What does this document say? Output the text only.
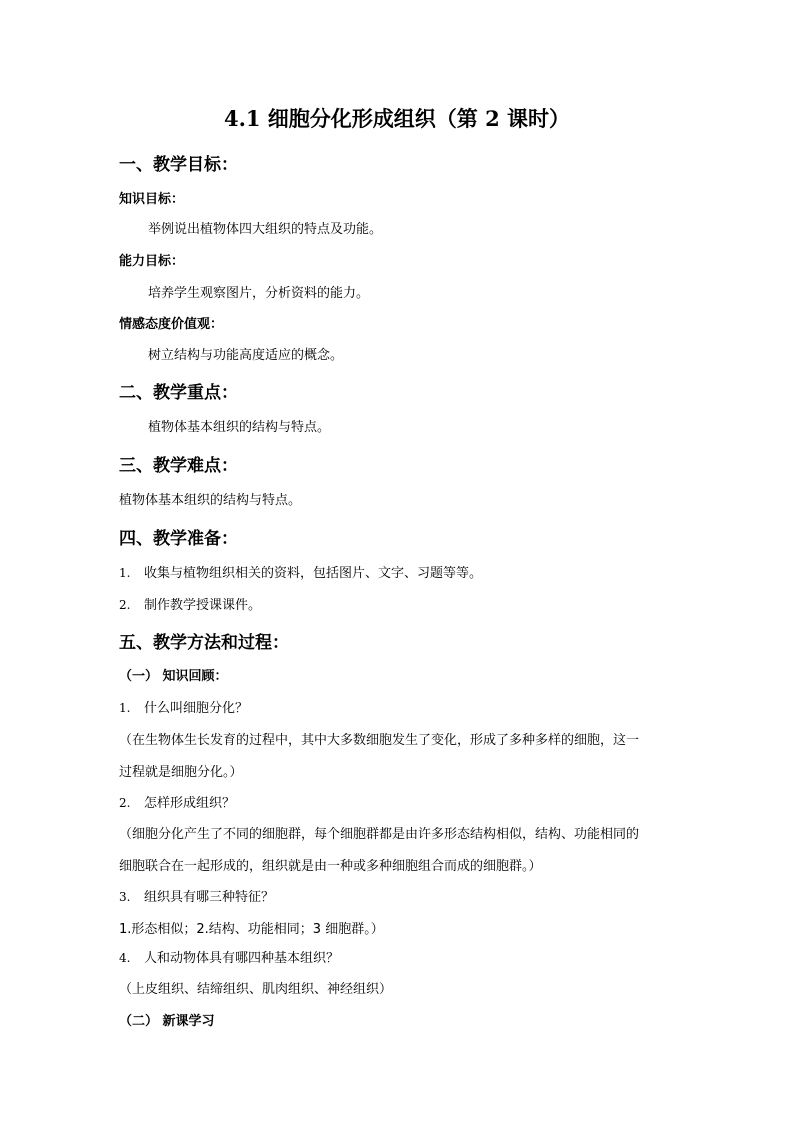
4.1 细胞分化形成组织（第 2 课时）
一、教学目标：
知识目标：
举例说出植物体四大组织的特点及功能。
能力目标：
培养学生观察图片，分析资料的能力。
情感态度价值观：
树立结构与功能高度适应的概念。
二、教学重点：
植物体基本组织的结构与特点。
三、教学难点：
植物体基本组织的结构与特点。
四、教学准备：
1. 收集与植物组织相关的资料，包括图片、文字、习题等等。
2. 制作教学授课课件。
五、教学方法和过程：
（一） 知识回顾：
1. 什么叫细胞分化？
（在生物体生长发育的过程中，其中大多数细胞发生了变化，形成了多种多样的细胞，这一
过程就是细胞分化。）
2. 怎样形成组织？
（细胞分化产生了不同的细胞群，每个细胞群都是由许多形态结构相似，结构、功能相同的
细胞联合在一起形成的，组织就是由一种或多种细胞组合而成的细胞群。）
3. 组织具有哪三种特征？
1.形态相似；2.结构、功能相同；3 细胞群。）
4. 人和动物体具有哪四种基本组织？
（上皮组织、结缔组织、肌肉组织、神经组织）
（二） 新课学习
